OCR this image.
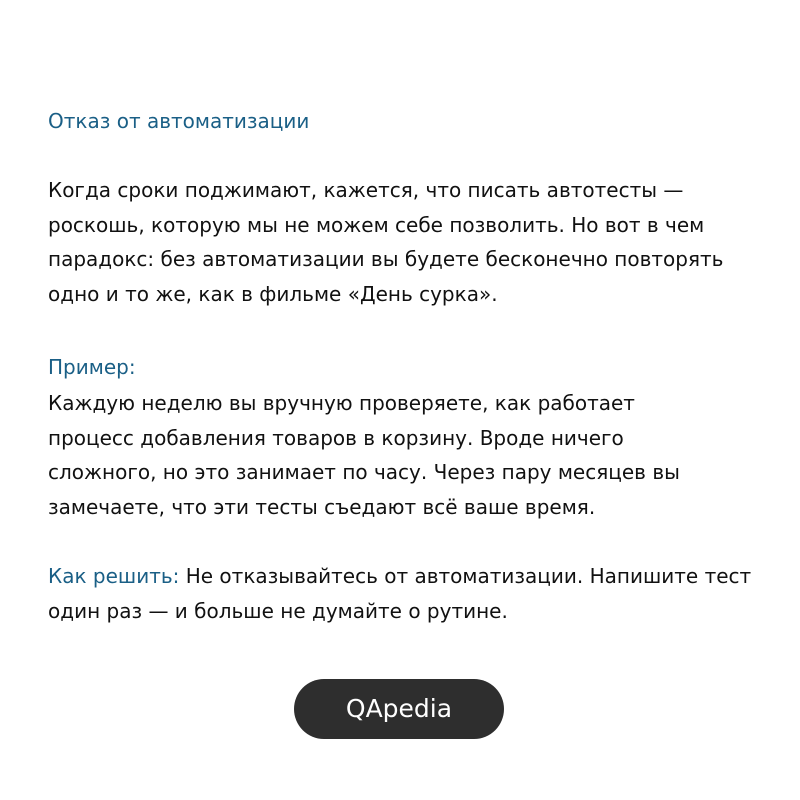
Отказ от автоматизации

Когда сроки поджимают, кажется, что писать автотесты —
роскошь, которую мы не можем себе позволить. Но вот в чем
парадокс: без автоматизации вы будете бесконечно повторять
одно и то же, как в фильме «День сурка».

Пример:

Каждую неделю вы вручную проверяете, как работает
процесс добавления товаров в корзину. Вроде ничего
сложного, но это занимает по часу. Через пару месяцев вы
замечаете, что эти тесты съедают всё ваше время.

Как решить: Не отказывайтесь от автоматизации. Напишите тест
один раз — и больше не думайте о рутине.

QApedia
